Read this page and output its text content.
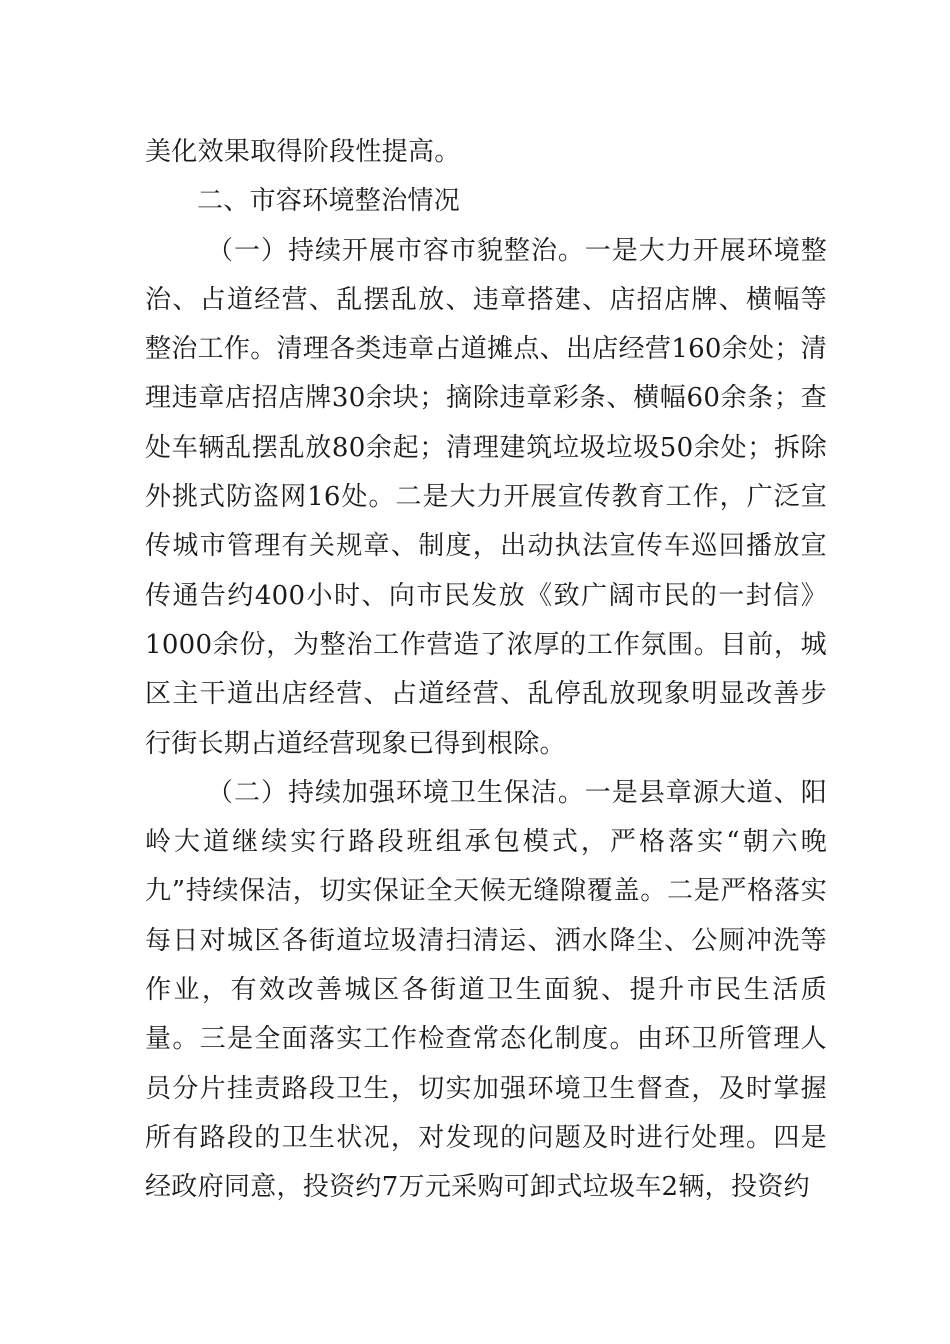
美化效果取得阶段性提高。

二、市容环境整治情况

（一）持续开展市容市貌整治。一是大力开展环境整治、占道经营、乱摆乱放、违章搭建、店招店牌、横幅等整治工作。清理各类违章占道摊点、出店经营160余处；清理违章店招店牌30余块；摘除违章彩条、横幅60余条；查处车辆乱摆乱放80余起；清理建筑垃圾垃圾50余处；拆除外挑式防盗网16处。二是大力开展宣传教育工作，广泛宣传城市管理有关规章、制度，出动执法宣传车巡回播放宣传通告约400小时、向市民发放《致广阔市民的一封信》1000余份，为整治工作营造了浓厚的工作氛围。目前，城区主干道出店经营、占道经营、乱停乱放现象明显改善步行街长期占道经营现象已得到根除。

（二）持续加强环境卫生保洁。一是县章源大道、阳岭大道继续实行路段班组承包模式，严格落实“朝六晚九”持续保洁，切实保证全天候无缝隙覆盖。二是严格落实每日对城区各街道垃圾清扫清运、洒水降尘、公厕冲洗等作业，有效改善城区各街道卫生面貌、提升市民生活质量。三是全面落实工作检查常态化制度。由环卫所管理人员分片挂责路段卫生，切实加强环境卫生督查，及时掌握所有路段的卫生状况，对发现的问题及时进行处理。四是经政府同意，投资约7万元采购可卸式垃圾车2辆，投资约
